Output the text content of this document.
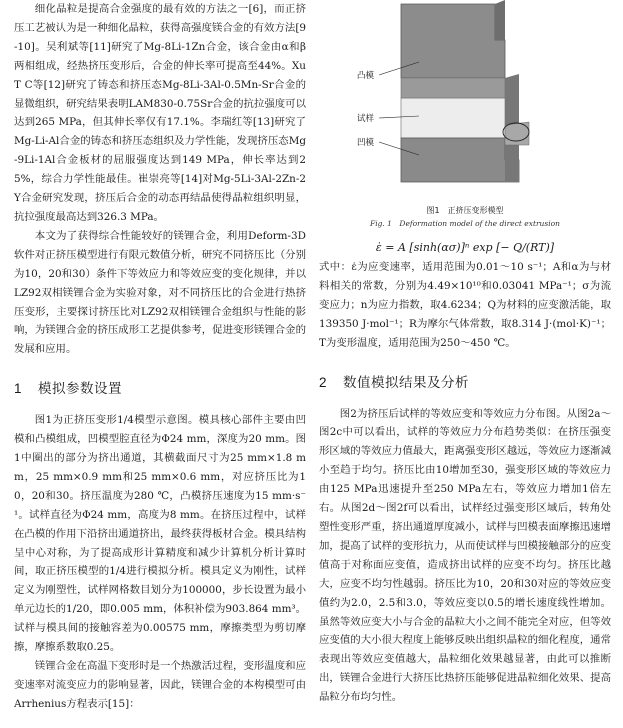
细化晶粒是提高合金强度的最有效的方法之一[6]，而正挤压工艺被认为是一种细化晶粒，获得高强度镁合金的有效方法[9-10]。吴利斌等[11]研究了Mg-8Li-1Zn合金，该合金由α和β两相组成，经热挤压变形后，合金的伸长率可提高至44%。Xu T C等[12]研究了铸态和挤压态Mg-8Li-3Al-0.5Mn-Sr合金的显微组织，研究结果表明LAM830-0.75Sr合金的抗拉强度可以达到265 MPa，但其伸长率仅有17.1%。李瑞红等[13]研究了Mg-Li-Al合金的铸态和挤压态组织及力学性能，发现挤压态Mg-9Li-1Al合金板材的屈服强度达到149 MPa，伸长率达到25%，综合力学性能最佳。崔崇亮等[14]对Mg-5Li-3Al-2Zn-2Y合金研究发现，挤压后合金的动态再结晶使得晶粒组织明显，抗拉强度最高达到326.3 MPa。

本文为了获得综合性能较好的镁锂合金，利用Deform-3D软件对正挤压模型进行有限元数值分析，研究不同挤压比（分别为10，20和30）条件下等效应力和等效应变的变化规律，并以LZ92双相镁锂合金为实验对象，对不同挤压比的合金进行热挤压变形，主要探讨挤压比对LZ92双相镁锂合金组织与性能的影响，为镁锂合金的挤压成形工艺提供参考，促进变形镁锂合金的发展和应用。

1 模拟参数设置

图1为正挤压变形1/4模型示意图。模具核心部件主要由凹模和凸模组成，凹模型腔直径为Φ24 mm，深度为20 mm。图1中圈出的部分为挤出通道，其横截面尺寸为25 mm×1.8 mm，25 mm×0.9 mm和25 mm×0.6 mm，对应挤压比为10，20和30。挤压温度为280 ℃，凸模挤压速度为15 mm·s⁻¹。试样直径为Φ24 mm，高度为8 mm。在挤压过程中，试样在凸模的作用下沿挤出通道挤出，最终获得板材合金。模具结构呈中心对称，为了提高成形计算精度和减少计算机分析计算时间，取正挤压模型的1/4进行模拟分析。模具定义为刚性，试样定义为刚塑性，试样网格数目划分为100000，步长设置为最小单元边长的1/20，即0.005 mm，体积补偿为903.864 mm³。试样与模具间的接触容差为0.00575 mm，摩擦类型为剪切摩擦，摩擦系数取0.25。

镁锂合金在高温下变形时是一个热激活过程，变形温度和应变速率对流变应力的影响显著，因此，镁锂合金的本构模型可由Arrhenius方程表示[15]：

凸模
试样
凹模

图1　正挤压变形模型

Fig. 1　Deformation model of the direct extrusion

ε̇ = A [sinh(ασ)]ⁿ exp [− Q/(RT)]

式中：ε̇为应变速率，适用范围为0.01～10 s⁻¹；A和α为与材料相关的常数，分别为4.49×10¹⁰和0.03041 MPa⁻¹；σ为流变应力；n为应力指数，取4.6234；Q为材料的应变激活能，取139350 J·mol⁻¹；R为摩尔气体常数，取8.314 J·(mol·K)⁻¹；T为变形温度，适用范围为250～450 ℃。

2 数值模拟结果及分析

图2为挤压后试样的等效应变和等效应力分布图。从图2a～图2c中可以看出，试样的等效应力分布趋势类似：在挤压强变形区域的等效应力值最大，距离强变形区越远，等效应力逐渐减小至趋于均匀。挤压比由10增加至30，强变形区域的等效应力由125 MPa迅速提升至250 MPa左右，等效应力增加1倍左右。从图2d～图2f可以看出，试样经过强变形区域后，转角处塑性变形严重，挤出通道厚度减小，试样与凹模表面摩擦迅速增加，提高了试样的变形抗力，从而使试样与凹模接触部分的应变值高于对称面应变值，造成挤出试样的应变不均匀。挤压比越大，应变不均匀性越弱。挤压比为10，20和30对应的等效应变值约为2.0，2.5和3.0，等效应变以0.5的增长速度线性增加。虽然等效应变大小与合金的晶粒大小之间不能完全对应，但等效应变值的大小很大程度上能够反映出组织晶粒的细化程度，通常表现出等效应变值越大，晶粒细化效果越显著，由此可以推断出，镁锂合金进行大挤压比热挤压能够促进晶粒细化效果、提高晶粒分布均匀性。
